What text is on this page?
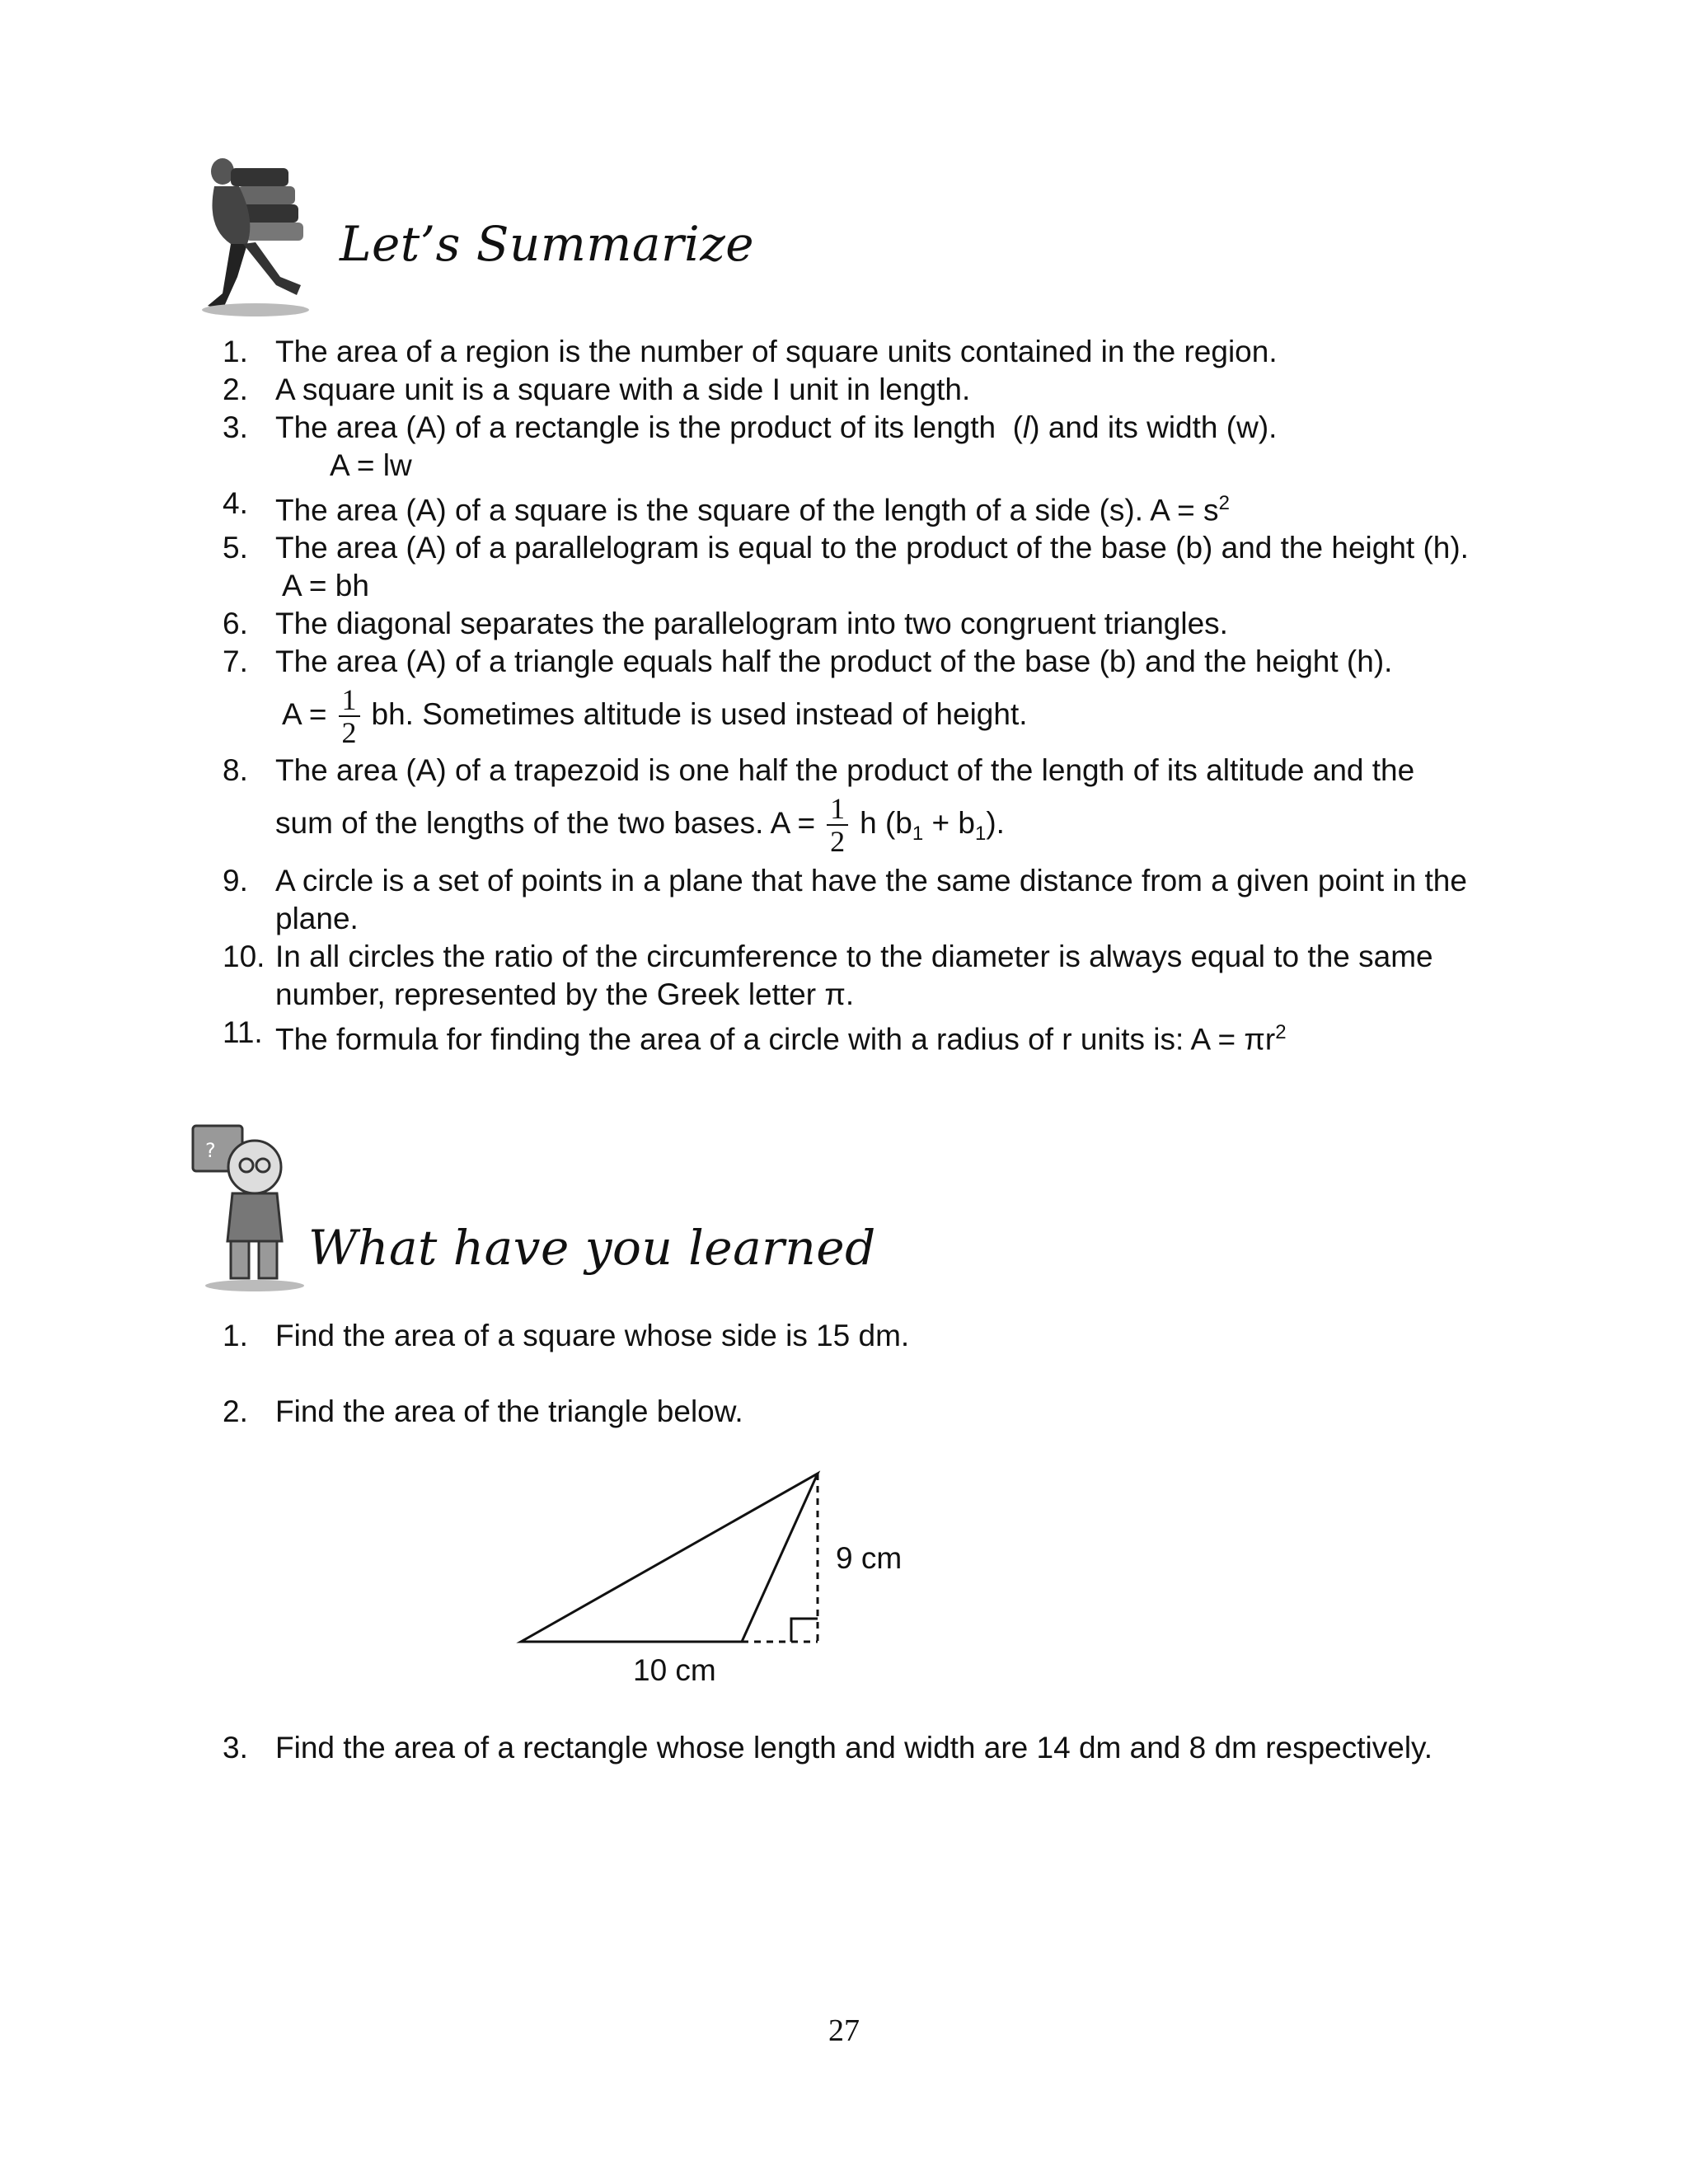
Let’s Summarize
1. The area of a region is the number of square units contained in the region.
2. A square unit is a square with a side I unit in length.
3. The area (A) of a rectangle is the product of its length  (l) and its width (w).
A = lw
4. The area (A) of a square is the square of the length of a side (s). $A = s^2$
5. The area (A) of a parallelogram is equal to the product of the base (b) and the height (h).
A = bh
6. The diagonal separates the parallelogram into two congruent triangles.
7. The area (A) of a triangle equals half the product of the base (b) and the height (h).
$A = \frac{1}{2}$ bh. Sometimes altitude is used instead of height.
8. The area (A) of a trapezoid is one half the product of the length of its altitude and the
sum of the lengths of the two bases. $A = \frac{1}{2}$ h $(b_1 + b_1)$.
9. A circle is a set of points in a plane that have the same distance from a given point in the plane.
10. In all circles the ratio of the circumference to the diameter is always equal to the same number, represented by the Greek letter π.
11. The formula for finding the area of a circle with a radius of r units is: $A = \pi r^2$
?
What have you learned
1. Find the area of a square whose side is 15 dm.
2. Find the area of the triangle below.
9 cm
10 cm
3. Find the area of a rectangle whose length and width are 14 dm and 8 dm respectively.
27
